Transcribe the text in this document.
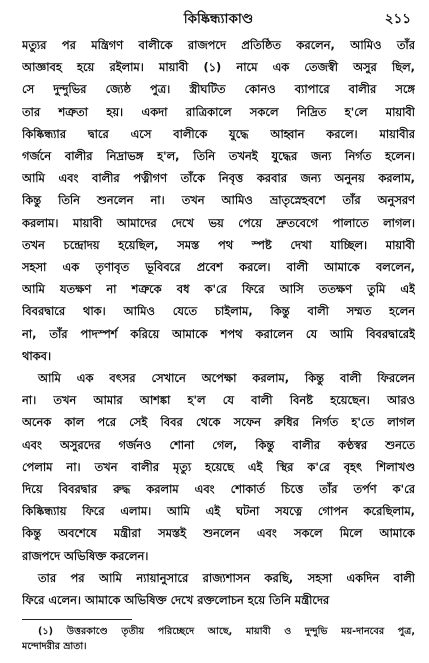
কিষ্কিন্ধ্যাকাণ্ড	২১১
মত্যুর পর মন্ত্রিগণ বালীকে রাজপদে প্রতিষ্ঠিত করলেন, আমিও তাঁর
আজ্ঞাবহ হয়ে রইলাম। মায়াবী (১) নামে এক তেজস্বী অসুর ছিল,
সে দুন্দুভির জ্যেষ্ঠ পুত্র। স্ত্রীঘটিত কোনও ব্যাপারে বালীর সঙ্গে
তার শত্রুতা হয়। একদা রাত্রিকালে সকলে নিদ্রিত হ'লে মায়াবী
কিষ্কিন্ধ্যার দ্বারে এসে বালীকে যুদ্ধে আহ্বান করলে। মায়াবীর
গর্জনে বালীর নিদ্রাভঙ্গ হ'ল, তিনি তখনই যুদ্ধের জন্য নির্গত হলেন।
আমি এবং বালীর পত্নীগণ তাঁকে নিবৃত্ত করবার জন্য অনুনয় করলাম,
কিন্তু তিনি শুনলেন না। তখন আমিও ভ্রাতৃস্নেহবশে তাঁর অনুসরণ
করলাম। মায়াবী আমাদের দেখে ভয় পেয়ে দ্রুতবেগে পালাতে লাগল।
তখন চন্দ্রোদয় হয়েছিল, সমস্ত পথ স্পষ্ট দেখা যাচ্ছিল। মায়াবী
সহসা এক তৃণাবৃত ভূবিবরে প্রবেশ করলে। বালী আমাকে বললেন,
আমি যতক্ষণ না শত্রুকে বধ ক'রে ফিরে আসি ততক্ষণ তুমি এই
বিবরদ্বারে থাক। আমিও যেতে চাইলাম, কিন্তু বালী সম্মত হলেন
না, তাঁর পাদস্পর্শ করিয়ে আমাকে শপথ করালেন যে আমি বিবরদ্বারেই
থাকব।
আমি এক বৎসর সেখানে অপেক্ষা করলাম, কিন্তু বালী ফিরলেন
না। তখন আমার আশঙ্কা হ'ল যে বালী বিনষ্ট হয়েছেন। আরও
অনেক কাল পরে সেই বিবর থেকে সফেন রুধির নির্গত হ'তে লাগল
এবং অসুরদের গর্জনও শোনা গেল, কিন্তু বালীর কণ্ঠস্বর শুনতে
পেলাম না। তখন বালীর মৃত্যু হয়েছে এই স্থির ক'রে বৃহৎ শিলাখণ্ড
দিয়ে বিবরদ্বার রুদ্ধ করলাম এবং শোকার্ত চিত্তে তাঁর তর্পণ ক'রে
কিষ্কিন্ধ্যায় ফিরে এলাম। আমি এই ঘটনা সযত্নে গোপন করেছিলাম,
কিন্তু অবশেষে মন্ত্রীরা সমস্তই শুনলেন এবং সকলে মিলে আমাকে
রাজপদে অভিষিক্ত করলেন।
তার পর আমি ন্যায়ানুসারে রাজ্যশাসন করছি, সহসা একদিন বালী
ফিরে এলেন। আমাকে অভিষিক্ত দেখে রক্তলোচন হয়ে তিনি মন্ত্রীদের
(১) উত্তরকাণ্ডে তৃতীয় পরিচ্ছেদে আছে, মায়াবী ও দুন্দুভি ময়-দানবের পুত্র,
মন্দোদরীর ভ্রাতা।
